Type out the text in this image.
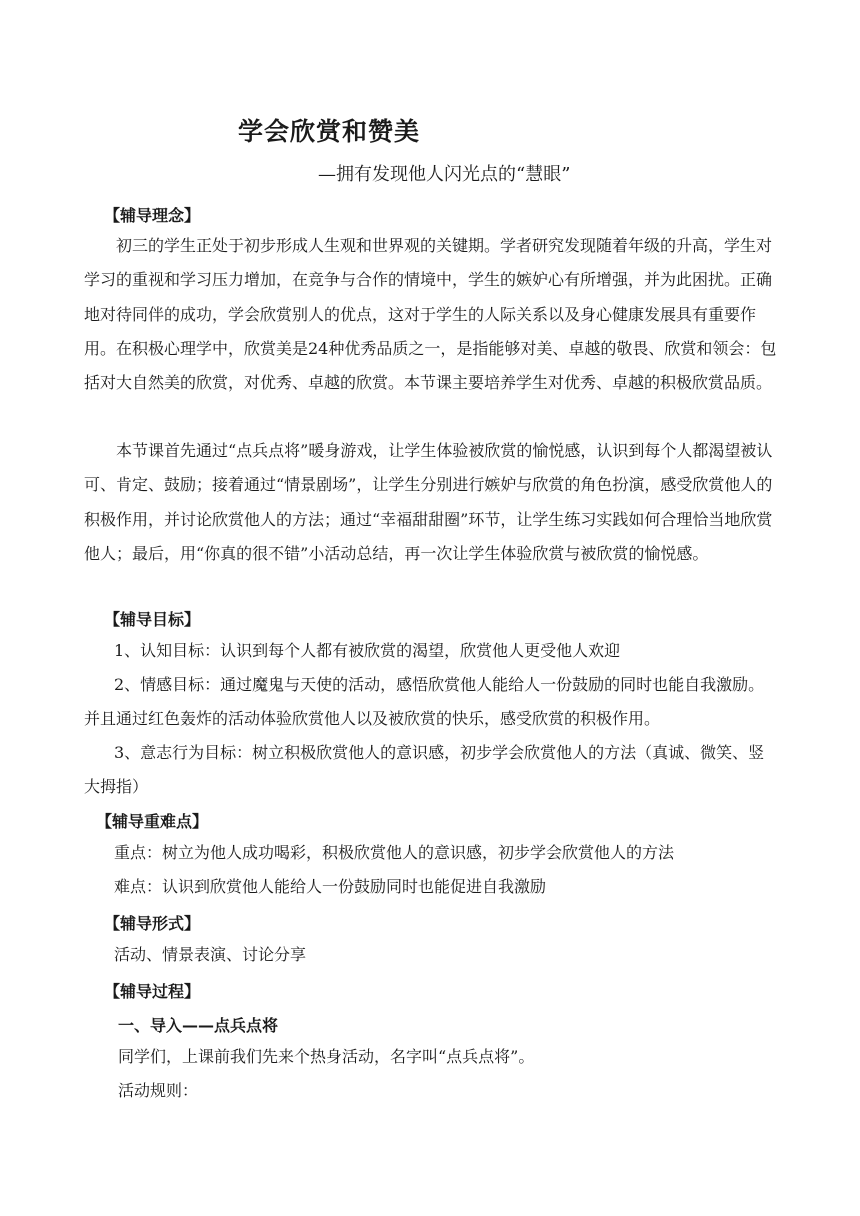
学会欣赏和赞美
—拥有发现他人闪光点的“慧眼”
【辅导理念】

初三的学生正处于初步形成人生观和世界观的关键期。学者研究发现随着年级的升高，学生对学习的重视和学习压力增加，在竞争与合作的情境中，学生的嫉妒心有所增强，并为此困扰。正确地对待同伴的成功，学会欣赏别人的优点，这对于学生的人际关系以及身心健康发展具有重要作用。在积极心理学中，欣赏美是24种优秀品质之一，是指能够对美、卓越的敬畏、欣赏和领会：包括对大自然美的欣赏，对优秀、卓越的欣赏。本节课主要培养学生对优秀、卓越的积极欣赏品质。

本节课首先通过“点兵点将”暖身游戏，让学生体验被欣赏的愉悦感，认识到每个人都渴望被认可、肯定、鼓励；接着通过“情景剧场”，让学生分别进行嫉妒与欣赏的角色扮演，感受欣赏他人的积极作用，并讨论欣赏他人的方法；通过“幸福甜甜圈”环节，让学生练习实践如何合理恰当地欣赏他人；最后，用“你真的很不错”小活动总结，再一次让学生体验欣赏与被欣赏的愉悦感。

【辅导目标】

1、认知目标：认识到每个人都有被欣赏的渴望，欣赏他人更受他人欢迎

2、情感目标：通过魔鬼与天使的活动，感悟欣赏他人能给人一份鼓励的同时也能自我激励。并且通过红色轰炸的活动体验欣赏他人以及被欣赏的快乐，感受欣赏的积极作用。

3、意志行为目标：树立积极欣赏他人的意识感，初步学会欣赏他人的方法（真诚、微笑、竖大拇指）

【辅导重难点】

重点：树立为他人成功喝彩，积极欣赏他人的意识感，初步学会欣赏他人的方法

难点：认识到欣赏他人能给人一份鼓励同时也能促进自我激励

【辅导形式】

活动、情景表演、讨论分享

【辅导过程】
一、导入——点兵点将

同学们，上课前我们先来个热身活动，名字叫“点兵点将”。

活动规则：
